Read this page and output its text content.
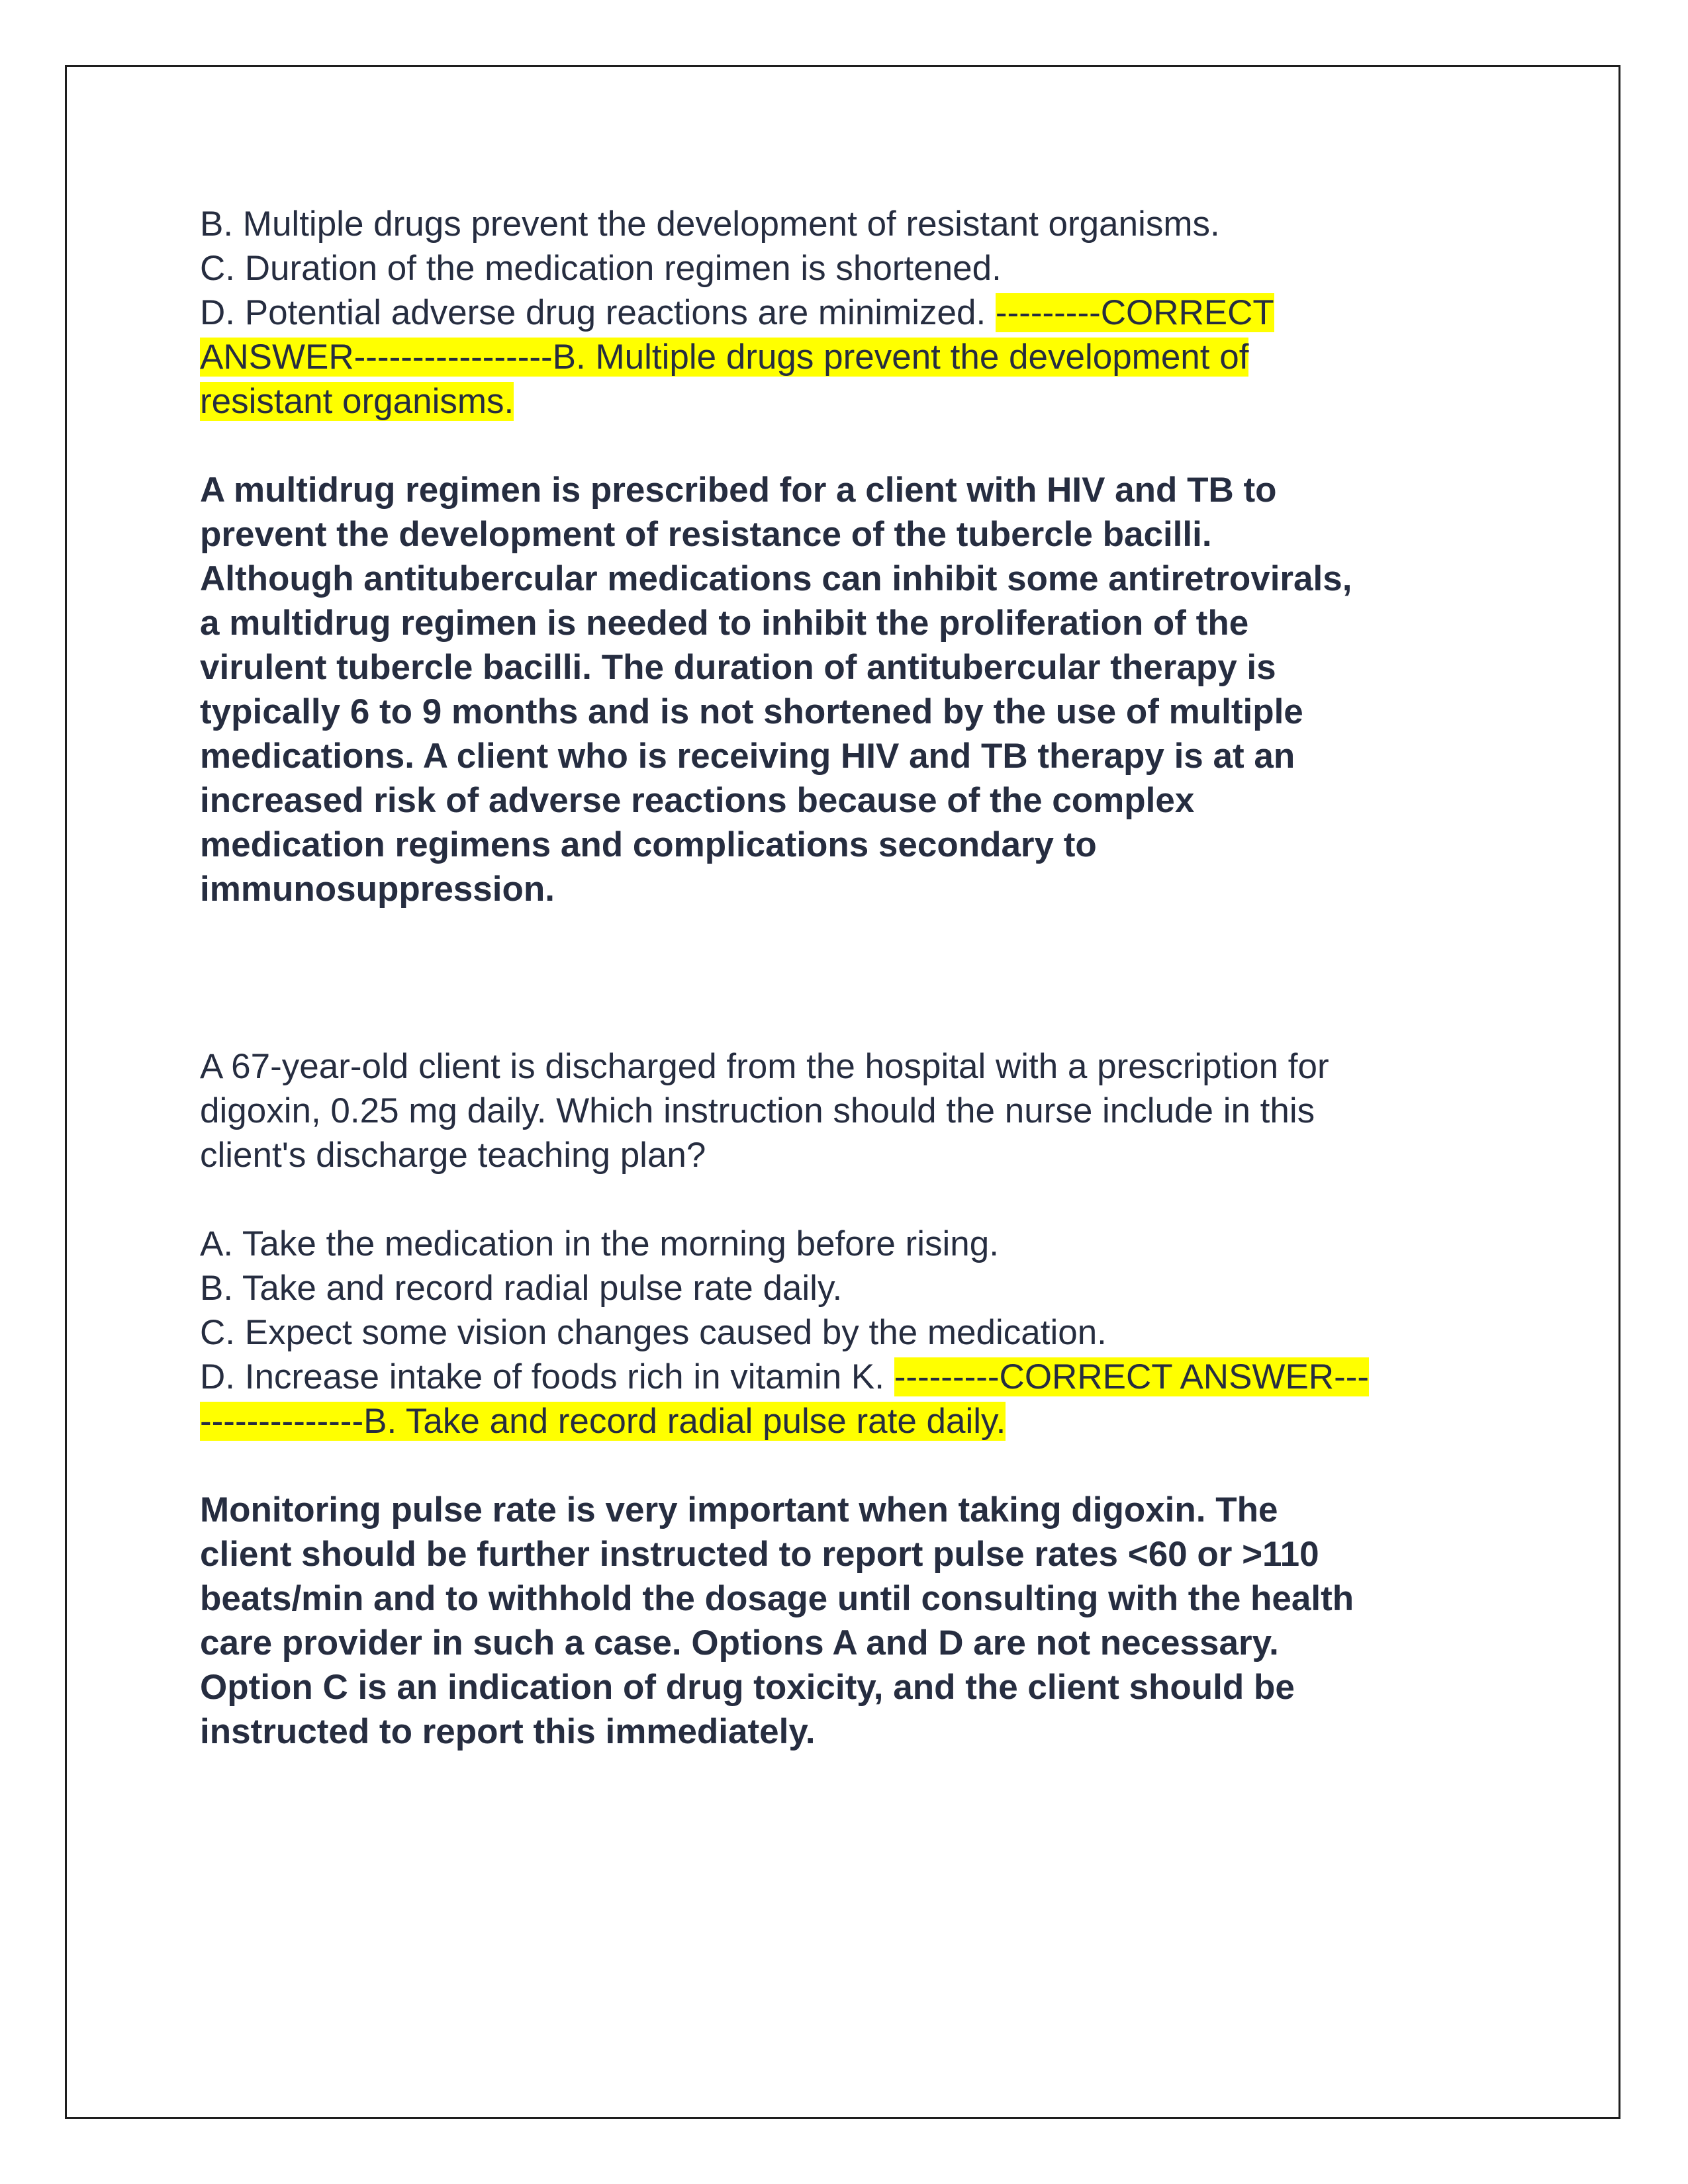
B. Multiple drugs prevent the development of resistant organisms.

C. Duration of the medication regimen is shortened.

D. Potential adverse drug reactions are minimized. ---------CORRECT

ANSWER-----------------B. Multiple drugs prevent the development of

resistant organisms.

A multidrug regimen is prescribed for a client with HIV and TB to

prevent the development of resistance of the tubercle bacilli.

Although antitubercular medications can inhibit some antiretrovirals,

a multidrug regimen is needed to inhibit the proliferation of the

virulent tubercle bacilli. The duration of antitubercular therapy is

typically 6 to 9 months and is not shortened by the use of multiple

medications. A client who is receiving HIV and TB therapy is at an

increased risk of adverse reactions because of the complex

medication regimens and complications secondary to

immunosuppression.

A 67-year-old client is discharged from the hospital with a prescription for

digoxin, 0.25 mg daily. Which instruction should the nurse include in this

client's discharge teaching plan?

A. Take the medication in the morning before rising.

B. Take and record radial pulse rate daily.

C. Expect some vision changes caused by the medication.

D. Increase intake of foods rich in vitamin K. ---------CORRECT ANSWER---

--------------B. Take and record radial pulse rate daily.

Monitoring pulse rate is very important when taking digoxin. The

client should be further instructed to report pulse rates <60 or >110

beats/min and to withhold the dosage until consulting with the health

care provider in such a case. Options A and D are not necessary.

Option C is an indication of drug toxicity, and the client should be

instructed to report this immediately.
